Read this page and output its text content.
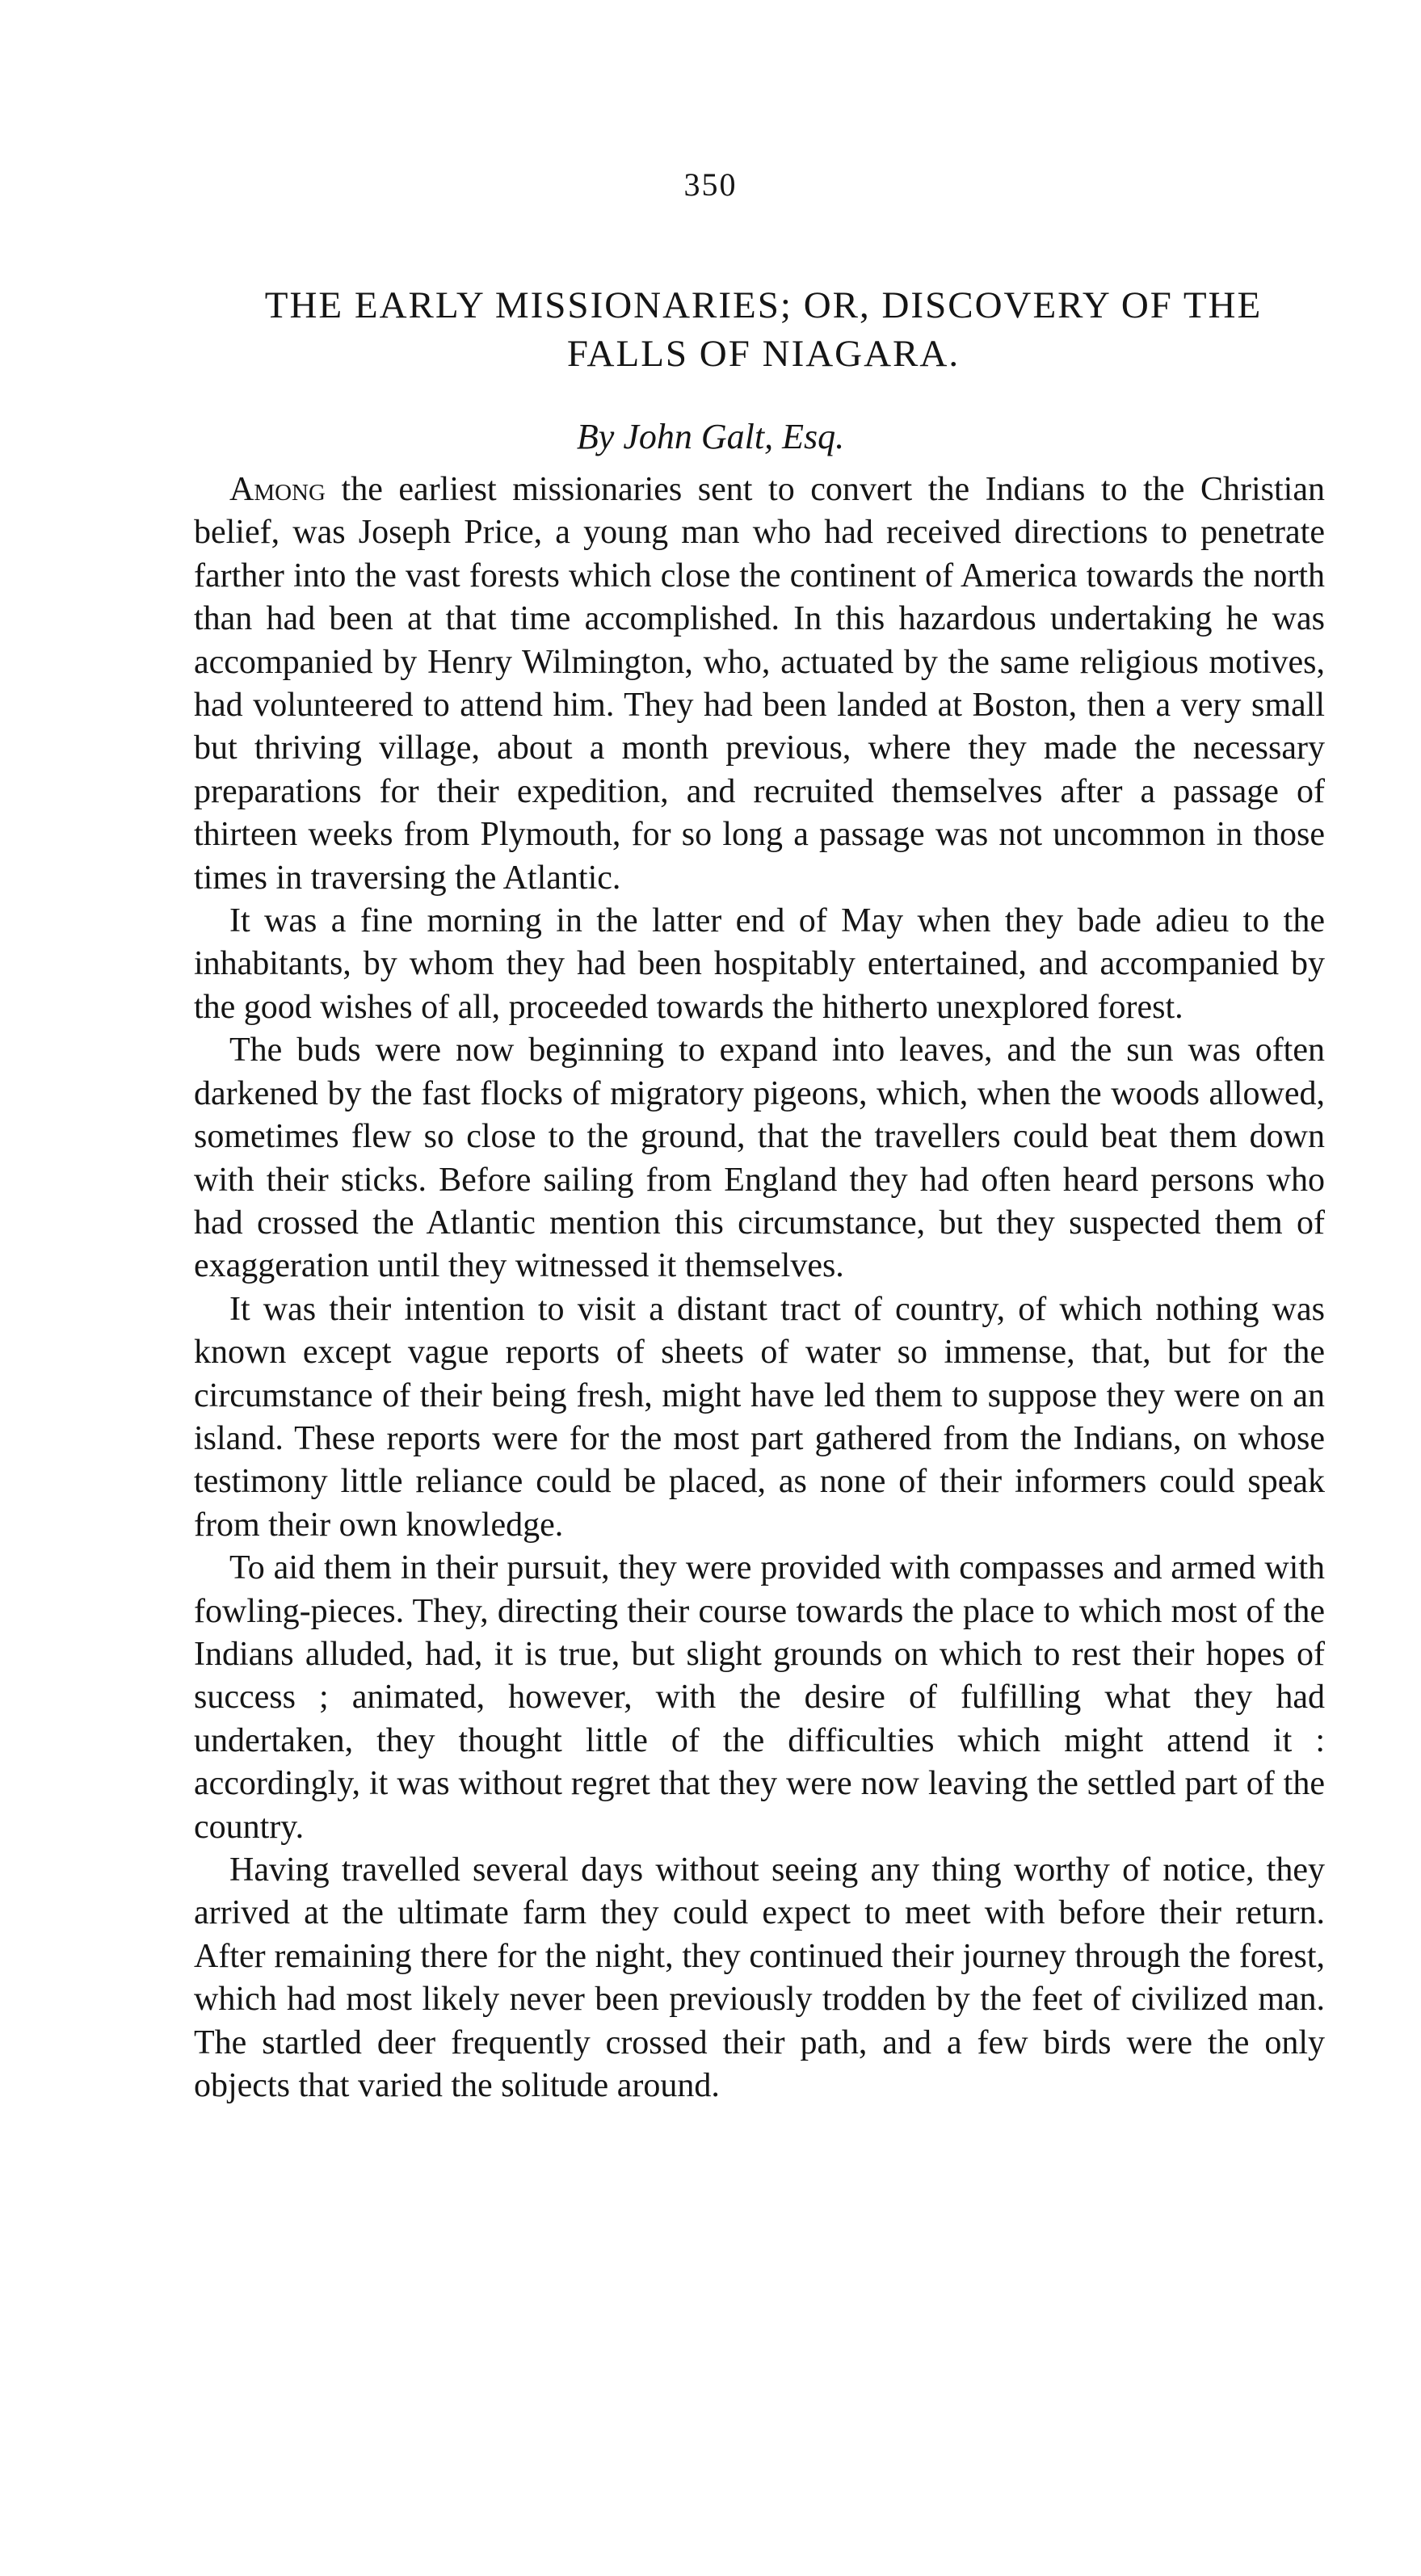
350
THE EARLY MISSIONARIES; OR, DISCOVERY OF THE
FALLS OF NIAGARA.
By John Galt, Esq.

Among the earliest missionaries sent to convert the Indians to the Christian belief, was Joseph Price, a young man who had received directions to penetrate farther into the vast forests which close the continent of America towards the north than had been at that time accomplished. In this hazardous undertaking he was accompanied by Henry Wilmington, who, actuated by the same religious motives, had volunteered to attend him. They had been landed at Boston, then a very small but thriving village, about a month previous, where they made the necessary preparations for their expedition, and recruited themselves after a passage of thirteen weeks from Plymouth, for so long a passage was not uncommon in those times in traversing the Atlantic.

It was a fine morning in the latter end of May when they bade adieu to the inhabitants, by whom they had been hospitably entertained, and accompanied by the good wishes of all, proceeded towards the hitherto unexplored forest.

The buds were now beginning to expand into leaves, and the sun was often darkened by the fast flocks of migratory pigeons, which, when the woods allowed, sometimes flew so close to the ground, that the travellers could beat them down with their sticks. Before sailing from England they had often heard persons who had crossed the Atlantic mention this circumstance, but they suspected them of exaggeration until they witnessed it themselves.

It was their intention to visit a distant tract of country, of which nothing was known except vague reports of sheets of water so immense, that, but for the circumstance of their being fresh, might have led them to suppose they were on an island. These reports were for the most part gathered from the Indians, on whose testimony little reliance could be placed, as none of their informers could speak from their own knowledge.

To aid them in their pursuit, they were provided with compasses and armed with fowling-pieces. They, directing their course towards the place to which most of the Indians alluded, had, it is true, but slight grounds on which to rest their hopes of success ; animated, however, with the desire of fulfilling what they had undertaken, they thought little of the difficulties which might attend it : accordingly, it was without regret that they were now leaving the settled part of the country.

Having travelled several days without seeing any thing worthy of notice, they arrived at the ultimate farm they could expect to meet with before their return. After remaining there for the night, they continued their journey through the forest, which had most likely never been previously trodden by the feet of civilized man. The startled deer frequently crossed their path, and a few birds were the only objects that varied the solitude around.
